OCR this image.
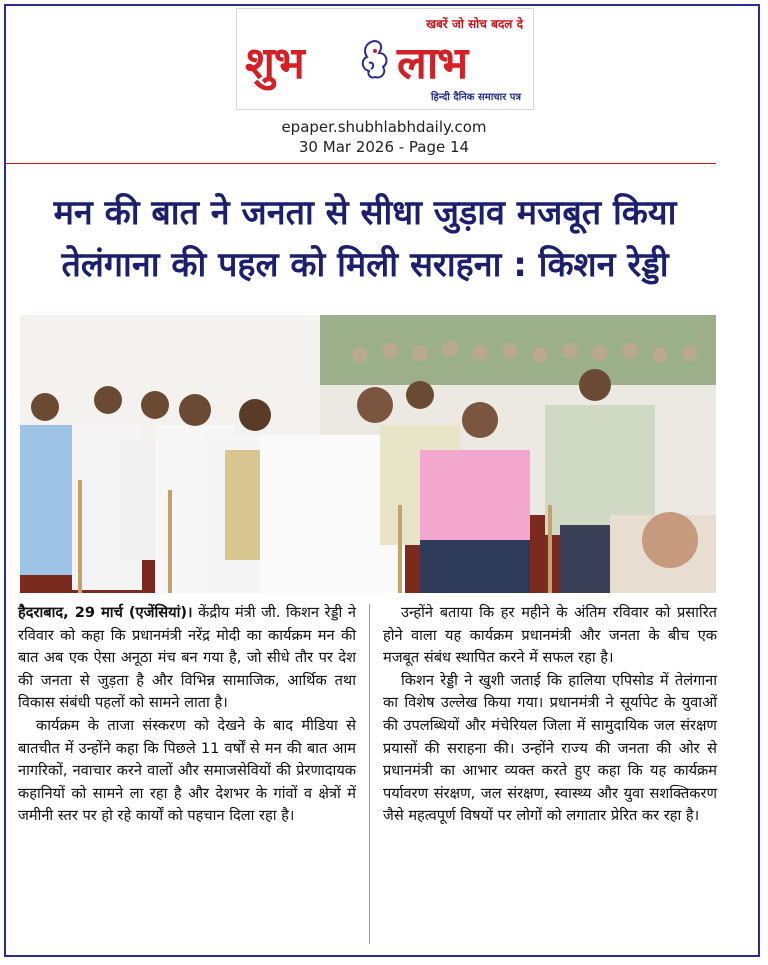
खबरें जो सोच बदल दे
शुभ लाभ
हिन्दी दैनिक समाचार पत्र
epaper.shubhlabhdaily.com
30 Mar 2026 - Page 14
मन की बात ने जनता से सीधा जुड़ाव मजबूत किया
तेलंगाना की पहल को मिली सराहना : किशन रेड्डी

हैदराबाद, 29 मार्च (एजेंसियां)। केंद्रीय मंत्री जी. किशन रेड्डी ने रविवार को कहा कि प्रधानमंत्री नरेंद्र मोदी का कार्यक्रम मन की बात अब एक ऐसा अनूठा मंच बन गया है, जो सीधे तौर पर देश की जनता से जुड़ता है और विभिन्न सामाजिक, आर्थिक तथा विकास संबंधी पहलों को सामने लाता है।

कार्यक्रम के ताजा संस्करण को देखने के बाद मीडिया से बातचीत में उन्होंने कहा कि पिछले 11 वर्षों से मन की बात आम नागरिकों, नवाचार करने वालों और समाजसेवियों की प्रेरणादायक कहानियों को सामने ला रहा है और देशभर के गांवों व क्षेत्रों में जमीनी स्तर पर हो रहे कार्यों को पहचान दिला रहा है।

उन्होंने बताया कि हर महीने के अंतिम रविवार को प्रसारित होने वाला यह कार्यक्रम प्रधानमंत्री और जनता के बीच एक मजबूत संबंध स्थापित करने में सफल रहा है।

किशन रेड्डी ने खुशी जताई कि हालिया एपिसोड में तेलंगाना का विशेष उल्लेख किया गया। प्रधानमंत्री ने सूर्यापेट के युवाओं की उपलब्धियों और मंचेरियल जिला में सामुदायिक जल संरक्षण प्रयासों की सराहना की। उन्होंने राज्य की जनता की ओर से प्रधानमंत्री का आभार व्यक्त करते हुए कहा कि यह कार्यक्रम पर्यावरण संरक्षण, जल संरक्षण, स्वास्थ्य और युवा सशक्तिकरण जैसे महत्वपूर्ण विषयों पर लोगों को लगातार प्रेरित कर रहा है।
